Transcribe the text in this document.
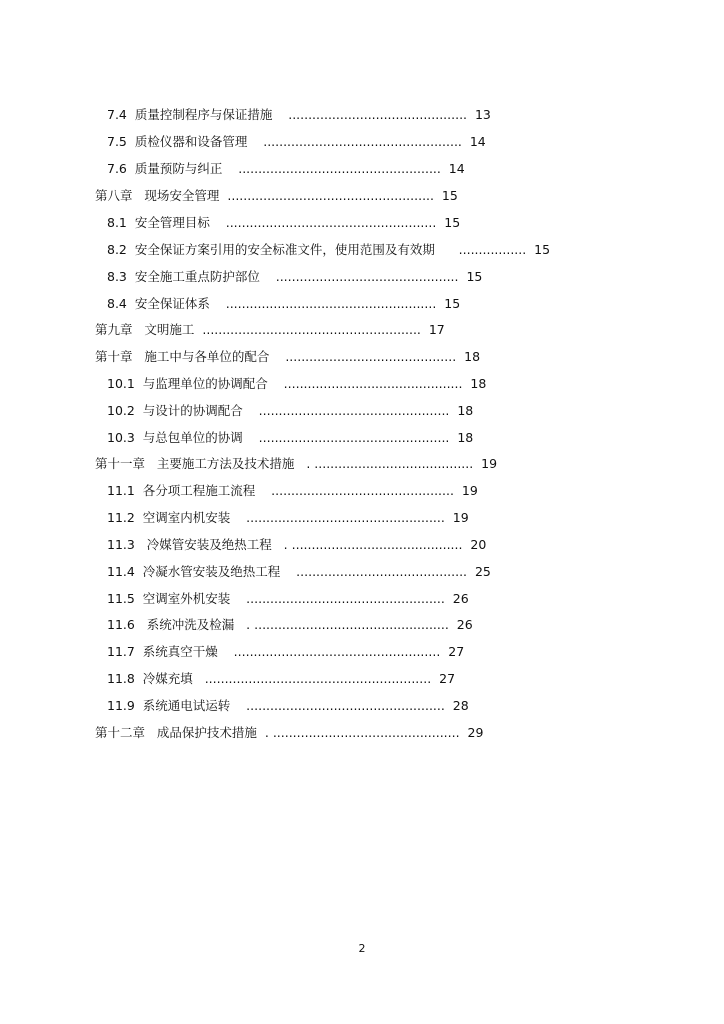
7.4  质量控制程序与保证措施    .............................................  13
7.5  质检仪器和设备管理    ..................................................  14
7.6  质量预防与纠正    ...................................................  14
第八章   现场安全管理  ....................................................  15
8.1  安全管理目标    .....................................................  15
8.2  安全保证方案引用的安全标准文件，使用范围及有效期      .................  15
8.3  安全施工重点防护部位    ..............................................  15
8.4  安全保证体系    .....................................................  15
第九章   文明施工  .......................................................  17
第十章   施工中与各单位的配合    ...........................................  18
10.1  与监理单位的协调配合    .............................................  18
10.2  与设计的协调配合    ................................................  18
10.3  与总包单位的协调    ................................................  18
第十一章   主要施工方法及技术措施   . ........................................  19
11.1  各分项工程施工流程    ..............................................  19
11.2  空调室内机安装    ..................................................  19
11.3   冷媒管安装及绝热工程   . ...........................................  20
11.4  冷凝水管安装及绝热工程    ...........................................  25
11.5  空调室外机安装    ..................................................  26
11.6   系统冲洗及检漏   . .................................................  26
11.7  系统真空干燥    ....................................................  27
11.8  冷媒充填   .........................................................  27
11.9  系统通电试运转    ..................................................  28
第十二章   成品保护技术措施  . ...............................................  29
2
